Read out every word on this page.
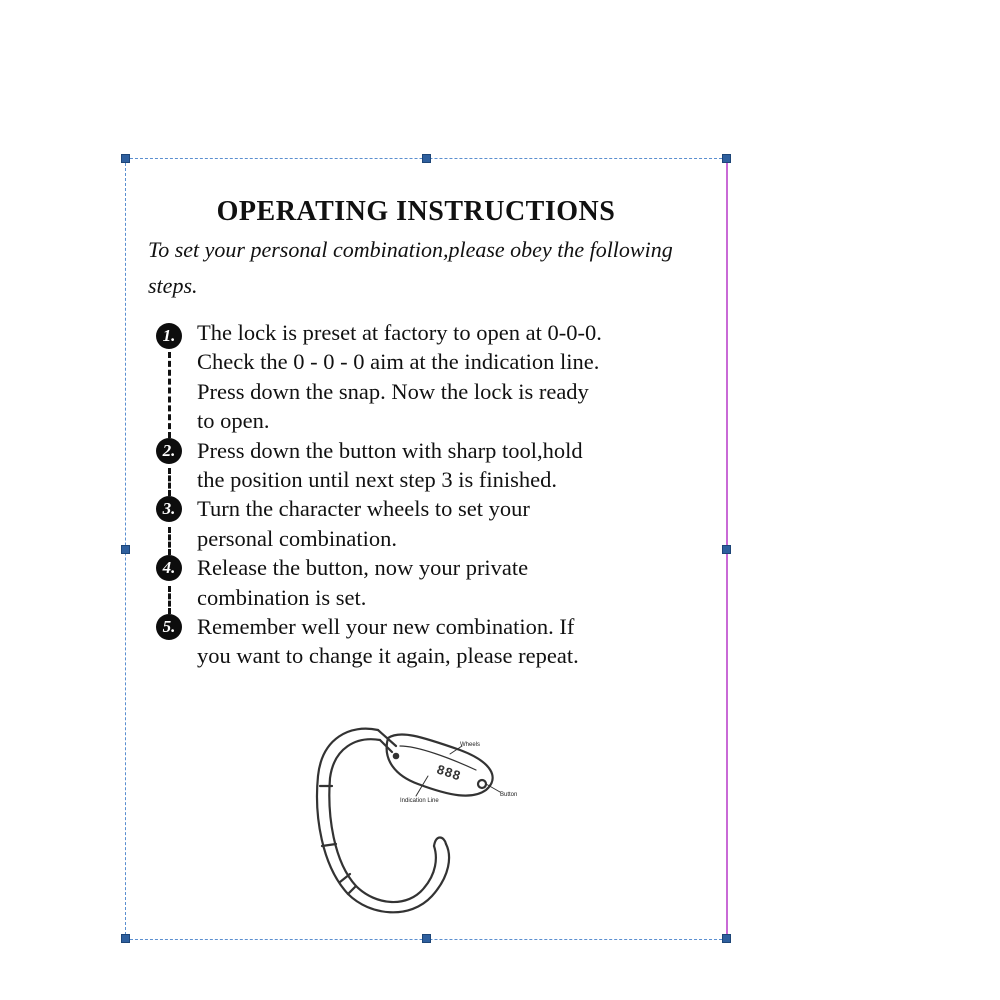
OPERATING INSTRUCTIONS

To set your personal combination,please obey the following steps.

1. The lock is preset at factory to open at 0-0-0.
Check the 0 - 0 - 0 aim at the indication line.
Press down the snap. Now the lock is ready
to open.
2. Press down the button with sharp tool,hold
the position until next step 3 is finished.
3. Turn the character wheels to set your
personal combination.
4. Release the button, now your private
combination is set.
5. Remember well your new combination. If
you want to change it again, please repeat.
888
Wheels
Button
Indication Line
